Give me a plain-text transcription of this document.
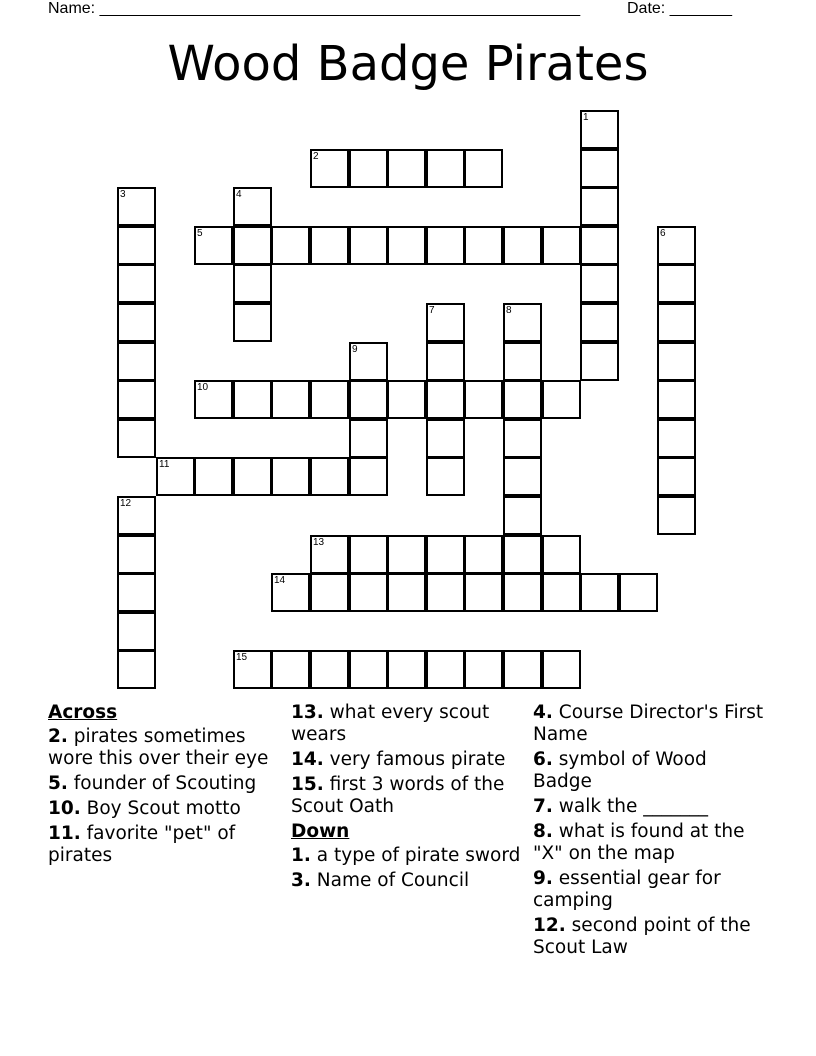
Name: ______________________________________________________	Date: _______
Wood Badge Pirates
1
2
3	4
5	6
7	8
9
10
11
12
13
14
15
Across
2. pirates sometimes wore this over their eye
5. founder of Scouting
10. Boy Scout motto
11. favorite "pet" of pirates
13. what every scout wears
14. very famous pirate
15. first 3 words of the Scout Oath
Down
1. a type of pirate sword
3. Name of Council
4. Course Director's First Name
6. symbol of Wood Badge
7. walk the _______
8. what is found at the "X" on the map
9. essential gear for camping
12. second point of the Scout Law
